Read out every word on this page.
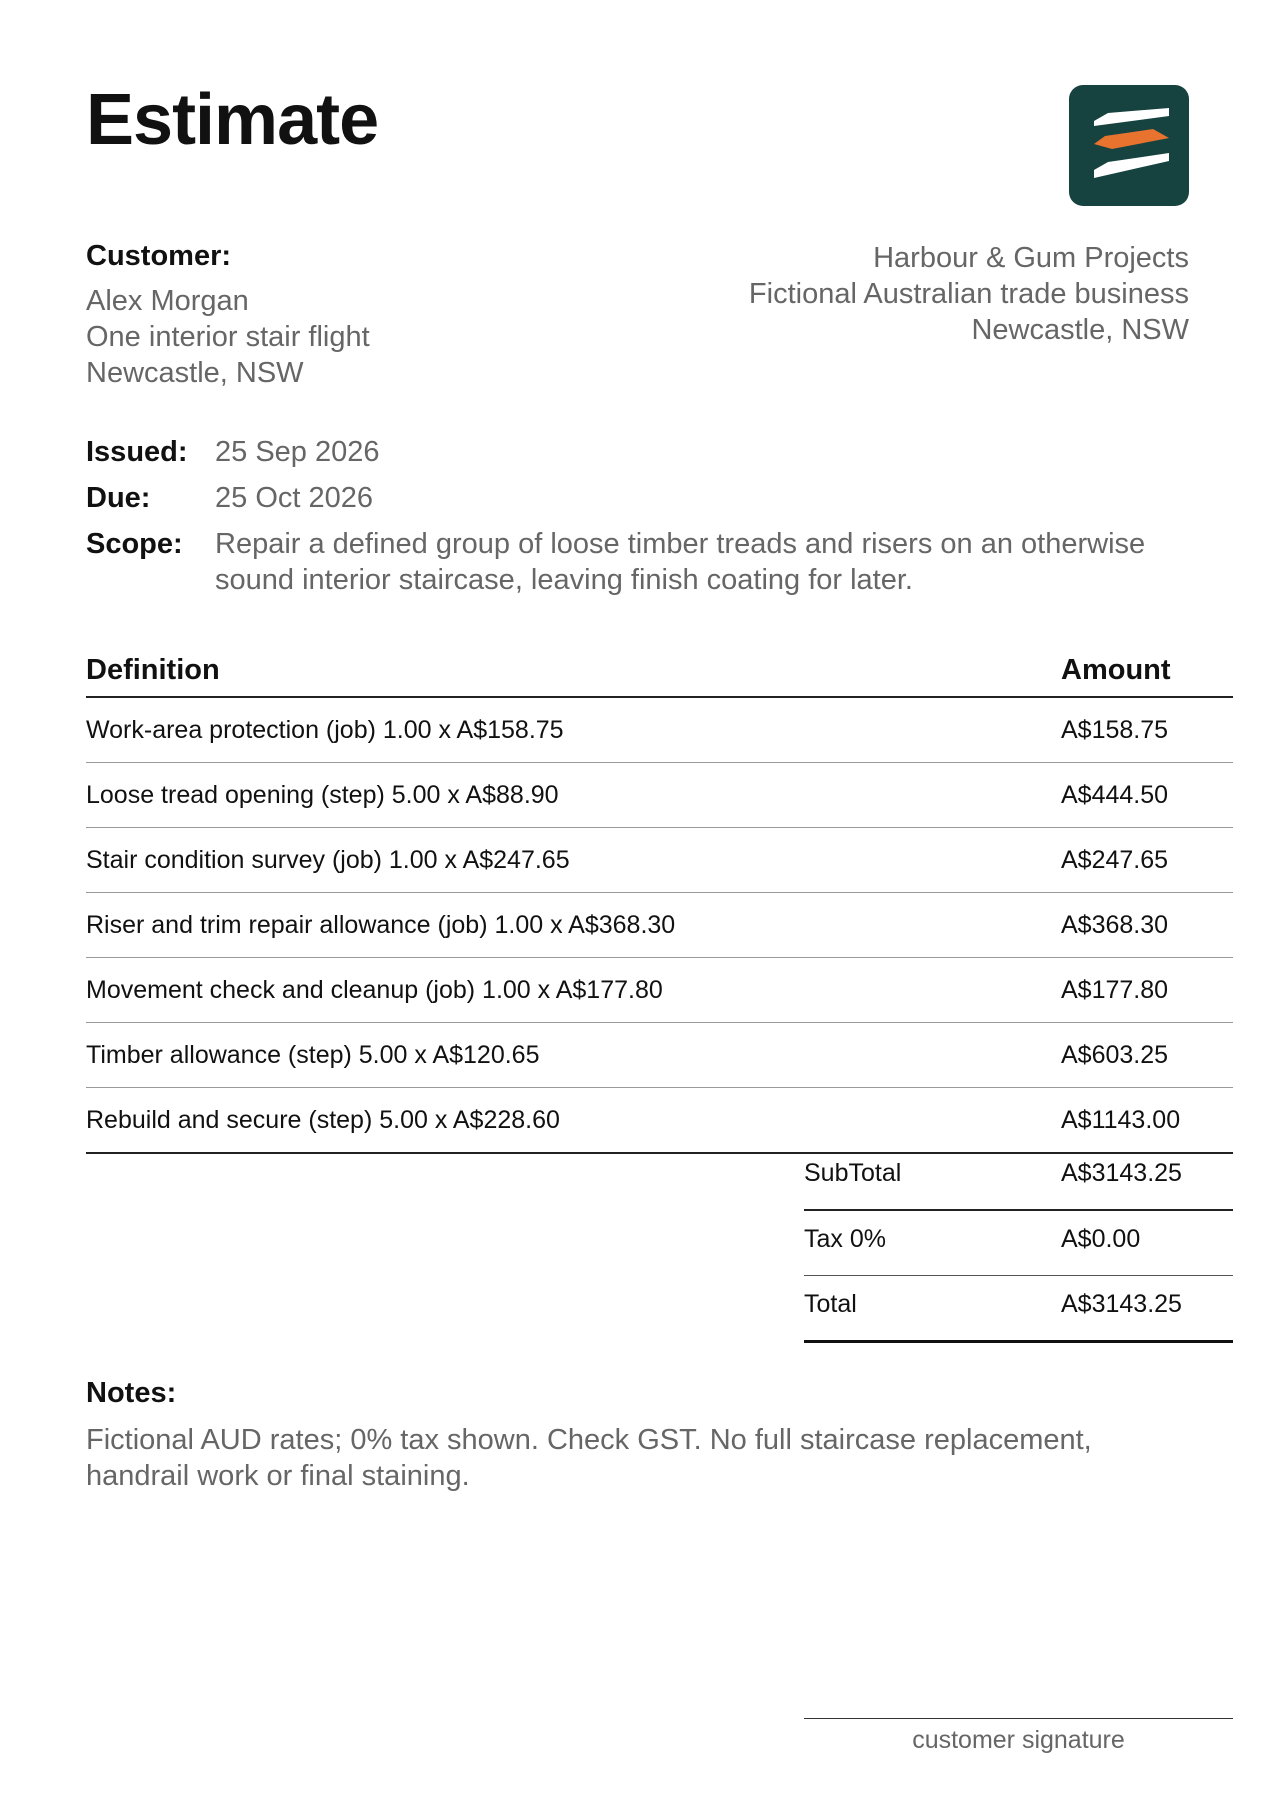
Estimate
Customer:
Alex Morgan
One interior stair flight
Newcastle, NSW
Harbour & Gum Projects
Fictional Australian trade business
Newcastle, NSW
Issued: 25 Sep 2026
Due:	25 Oct 2026
Scope:	Repair a defined group of loose timber treads and risers on an otherwise sound interior staircase, leaving finish coating for later.
Definition	Amount
Work-area protection (job) 1.00 x A$158.75	A$158.75
Loose tread opening (step) 5.00 x A$88.90	A$444.50
Stair condition survey (job) 1.00 x A$247.65	A$247.65
Riser and trim repair allowance (job) 1.00 x A$368.30	A$368.30
Movement check and cleanup (job) 1.00 x A$177.80	A$177.80
Timber allowance (step) 5.00 x A$120.65	A$603.25
Rebuild and secure (step) 5.00 x A$228.60	A$1143.00
SubTotal	A$3143.25
Tax 0%	A$0.00
Total	A$3143.25
Notes:
Fictional AUD rates; 0% tax shown. Check GST. No full staircase replacement, handrail work or final staining.
customer signature
